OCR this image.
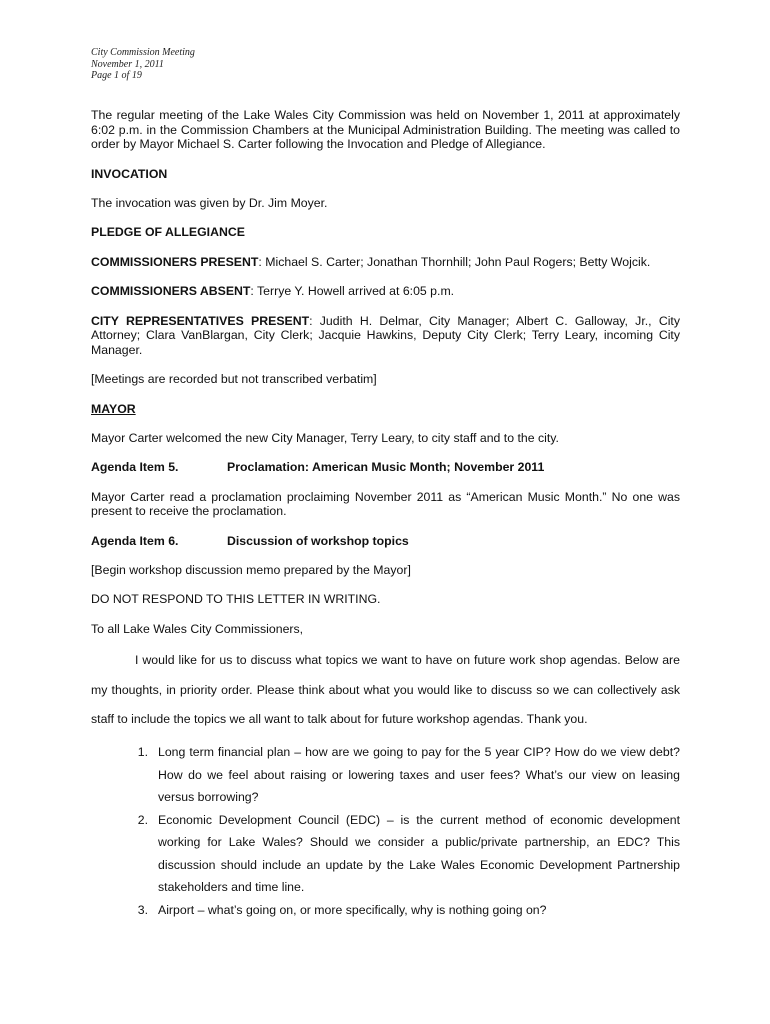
City Commission Meeting
November 1, 2011
Page 1 of 19

The regular meeting of the Lake Wales City Commission was held on November 1, 2011 at approximately 6:02 p.m. in the Commission Chambers at the Municipal Administration Building. The meeting was called to order by Mayor Michael S. Carter following the Invocation and Pledge of Allegiance.

INVOCATION

The invocation was given by Dr. Jim Moyer.

PLEDGE OF ALLEGIANCE

COMMISSIONERS PRESENT: Michael S. Carter; Jonathan Thornhill; John Paul Rogers; Betty Wojcik.

COMMISSIONERS ABSENT: Terrye Y. Howell arrived at 6:05 p.m.

CITY REPRESENTATIVES PRESENT: Judith H. Delmar, City Manager; Albert C. Galloway, Jr., City Attorney; Clara VanBlargan, City Clerk; Jacquie Hawkins, Deputy City Clerk; Terry Leary, incoming City Manager.

[Meetings are recorded but not transcribed verbatim]

MAYOR

Mayor Carter welcomed the new City Manager, Terry Leary, to city staff and to the city.

Agenda Item 5.	Proclamation: American Music Month; November 2011

Mayor Carter read a proclamation proclaiming November 2011 as “American Music Month.” No one was present to receive the proclamation.

Agenda Item 6.	Discussion of workshop topics

[Begin workshop discussion memo prepared by the Mayor]

DO NOT RESPOND TO THIS LETTER IN WRITING.

To all Lake Wales City Commissioners,

I would like for us to discuss what topics we want to have on future work shop agendas. Below are my thoughts, in priority order. Please think about what you would like to discuss so we can collectively ask staff to include the topics we all want to talk about for future workshop agendas. Thank you.

1. Long term financial plan – how are we going to pay for the 5 year CIP? How do we view debt? How do we feel about raising or lowering taxes and user fees? What’s our view on leasing versus borrowing?
2. Economic Development Council (EDC) – is the current method of economic development working for Lake Wales? Should we consider a public/private partnership, an EDC? This discussion should include an update by the Lake Wales Economic Development Partnership stakeholders and time line.
3. Airport – what’s going on, or more specifically, why is nothing going on?
